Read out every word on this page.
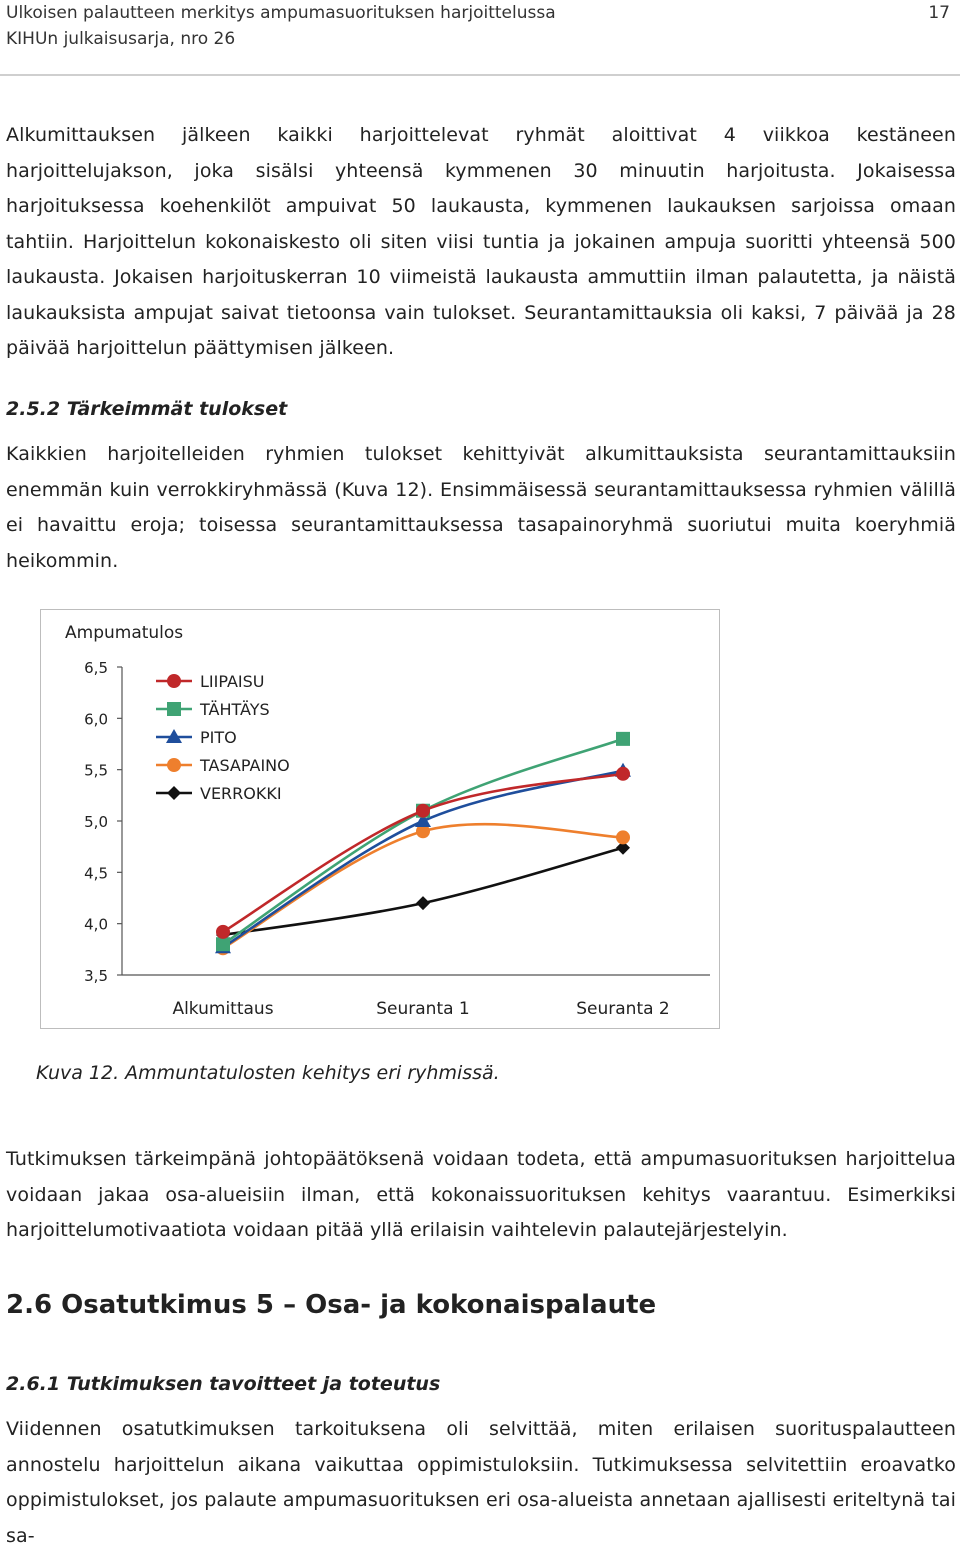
Ulkoisen palautteen merkitys ampumasuorituksen harjoittelussa
KIHUn julkaisusarja, nro 26
17

Alkumittauksen jälkeen kaikki harjoittelevat ryhmät aloittivat 4 viikkoa kestäneen harjoittelujakson, joka sisälsi yhteensä kymmenen 30 minuutin harjoitusta. Jokaisessa harjoituksessa koehenkilöt ampuivat 50 laukausta, kymmenen laukauksen sarjoissa omaan tahtiin. Harjoittelun kokonaiskesto oli siten viisi tuntia ja jokainen ampuja suoritti yhteensä 500 laukausta. Jokaisen harjoituskerran 10 viimeistä laukausta ammuttiin ilman palautetta, ja näistä laukauksista ampujat saivat tietoonsa vain tulokset. Seurantamittauksia oli kaksi, 7 päivää ja 28 päivää harjoittelun päättymisen jälkeen.

2.5.2 Tärkeimmät tulokset

Kaikkien harjoitelleiden ryhmien tulokset kehittyivät alkumittauksista seurantamittauksiin enemmän kuin verrokkiryhmässä (Kuva 12). Ensimmäisessä seurantamittauksessa ryhmien välillä ei havaittu eroja; toisessa seurantamittauksessa tasapainoryhmä suoriutui muita koeryhmiä heikommin.

Ampumatulos
6,5
6,0
5,5
5,0
4,5
4,0
3,5
Alkumittaus	Seuranta 1	Seuranta 2
LIIPAISU
TÄHTÄYS
PITO
TASAPAINO
VERROKKI

Kuva 12. Ammuntatulosten kehitys eri ryhmissä.

Tutkimuksen tärkeimpänä johtopäätöksenä voidaan todeta, että ampumasuorituksen harjoittelua voidaan jakaa osa-alueisiin ilman, että kokonaissuorituksen kehitys vaarantuu. Esimerkiksi harjoittelumotivaatiota voidaan pitää yllä erilaisin vaihtelevin palautejärjestelyin.

2.6 Osatutkimus 5 – Osa- ja kokonaispalaute

2.6.1 Tutkimuksen tavoitteet ja toteutus

Viidennen osatutkimuksen tarkoituksena oli selvittää, miten erilaisen suorituspalautteen annostelu harjoittelun aikana vaikuttaa oppimistuloksiin. Tutkimuksessa selvitettiin eroavatko oppimistulokset, jos palaute ampumasuorituksen eri osa-alueista annetaan ajallisesti eriteltynä tai sa-
